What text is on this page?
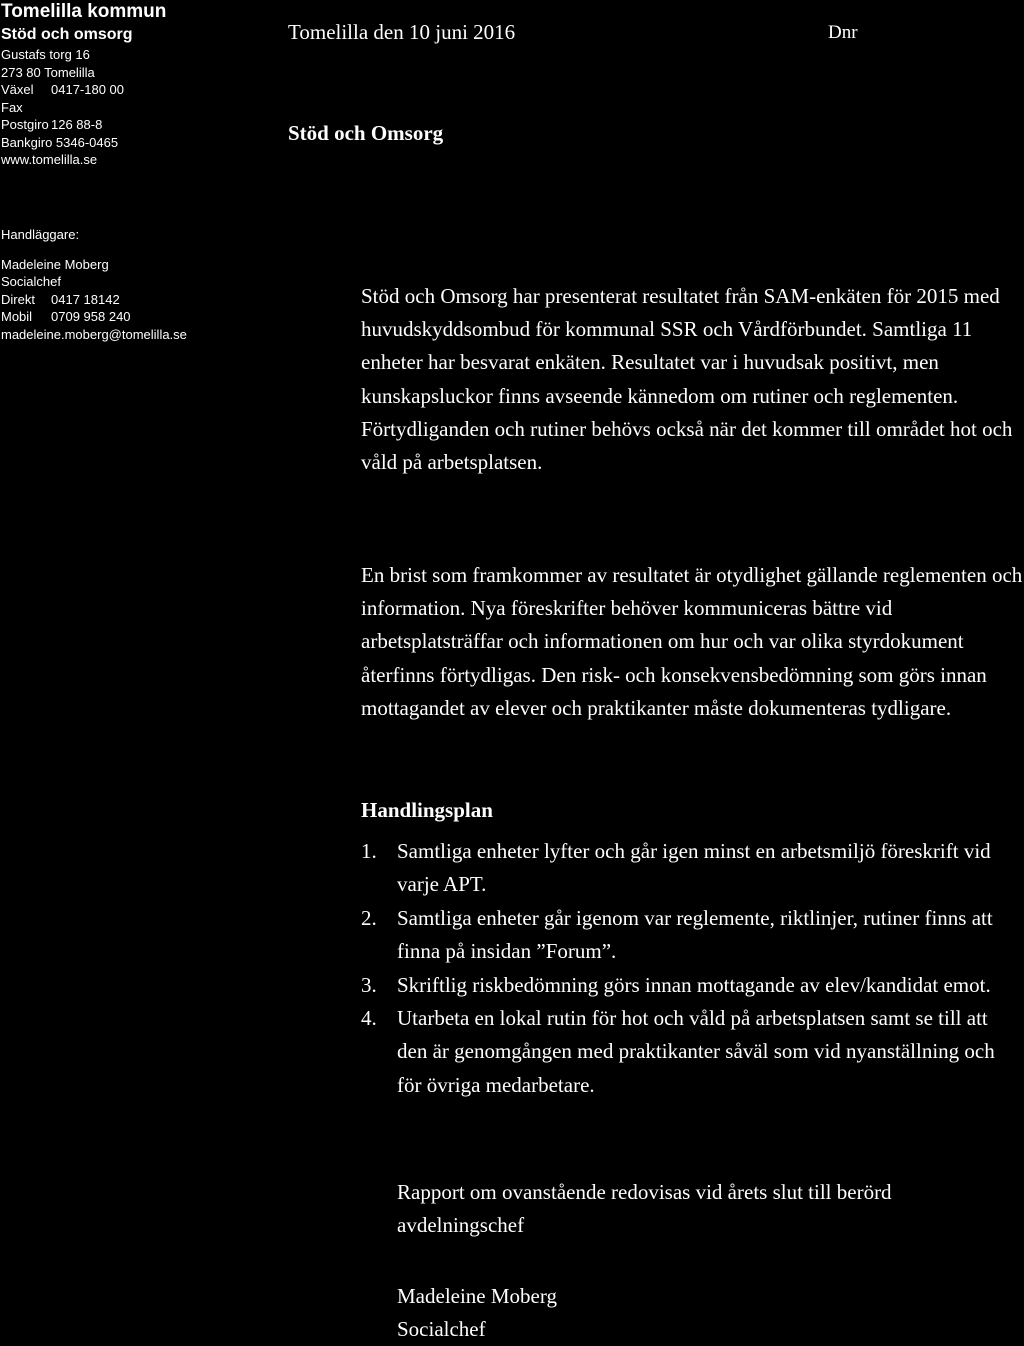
Tomelilla kommun

Stöd och omsorg

Gustafs torg 16

273 80 Tomelilla

Växel 0417-180 00

Fax

Postgiro 126 88-8

Bankgiro 5346-0465

www.tomelilla.se

Handläggare:

Madeleine Moberg

Socialchef

Direkt 0417 18142

Mobil 0709 958 240

madeleine.moberg@tomelilla.se

Tomelilla den 10 juni 2016	Dnr

Stöd och Omsorg

Stöd och Omsorg har presenterat resultatet från SAM-enkäten för 2015 med huvudskyddsombud för kommunal SSR och Vårdförbundet. Samtliga 11 enheter har besvarat enkäten. Resultatet var i huvudsak positivt, men kunskapsluckor finns avseende kännedom om rutiner och reglementen. Förtydliganden och rutiner behövs också när det kommer till området hot och våld på arbetsplatsen.

En brist som framkommer av resultatet är otydlighet gällande reglementen och information. Nya föreskrifter behöver kommuniceras bättre vid arbetsplatsträffar och informationen om hur och var olika styrdokument återfinns förtydligas. Den risk- och konsekvensbedömning som görs innan mottagandet av elever och praktikanter måste dokumenteras tydligare.

Handlingsplan

1. Samtliga enheter lyfter och går igen minst en arbetsmiljö föreskrift vid varje APT.
2. Samtliga enheter går igenom var reglemente, riktlinjer, rutiner finns att finna på insidan ”Forum”.
3. Skriftlig riskbedömning görs innan mottagande av elev/kandidat emot.
4. Utarbeta en lokal rutin för hot och våld på arbetsplatsen samt se till att den är genomgången med praktikanter såväl som vid nyanställning och för övriga medarbetare.

Rapport om ovanstående redovisas vid årets slut till berörd avdelningschef

Madeleine Moberg
Socialchef
